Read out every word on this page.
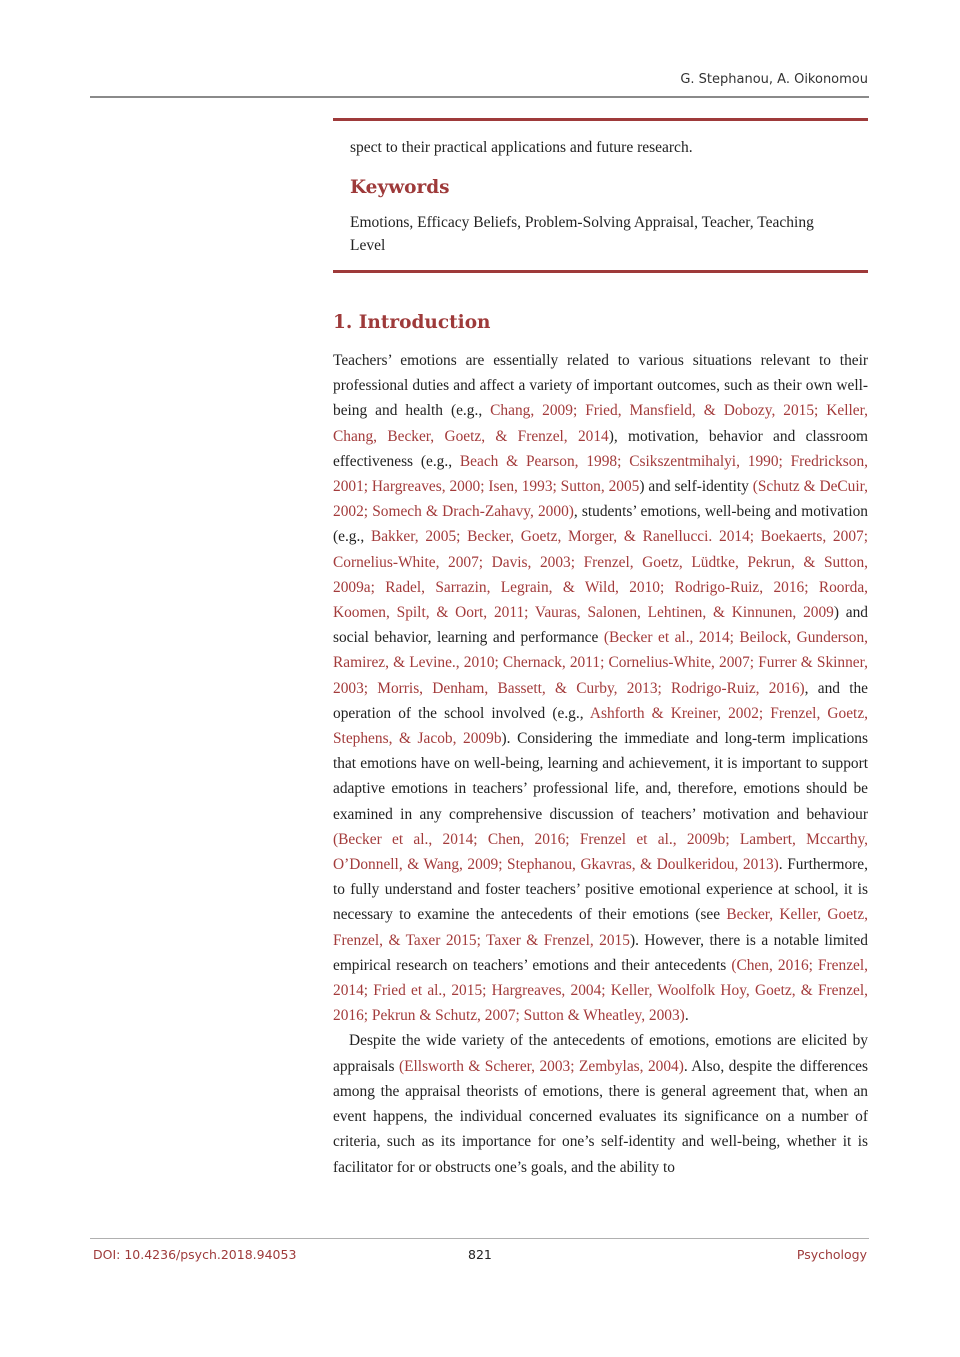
G. Stephanou, A. Oikonomou
spect to their practical applications and future research.
Keywords
Emotions, Efficacy Beliefs, Problem-Solving Appraisal, Teacher, Teaching Level
1. Introduction

Teachers’ emotions are essentially related to various situations relevant to their professional duties and affect a variety of important outcomes, such as their own well-being and health (e.g., Chang, 2009; Fried, Mansfield, & Dobozy, 2015; Keller, Chang, Becker, Goetz, & Frenzel, 2014), motivation, behavior and classroom effectiveness (e.g., Beach & Pearson, 1998; Csikszentmihalyi, 1990; Fredrickson, 2001; Hargreaves, 2000; Isen, 1993; Sutton, 2005) and self-identity (Schutz & DeCuir, 2002; Somech & Drach-Zahavy, 2000), students’ emotions, well-being and motivation (e.g., Bakker, 2005; Becker, Goetz, Morger, & Ranellucci. 2014; Boekaerts, 2007; Cornelius-White, 2007; Davis, 2003; Frenzel, Goetz, Lüdtke, Pekrun, & Sutton, 2009a; Radel, Sarrazin, Legrain, & Wild, 2010; Rodrigo-Ruiz, 2016; Roorda, Koomen, Spilt, & Oort, 2011; Vauras, Salonen, Lehtinen, & Kinnunen, 2009) and social behavior, learning and performance (Becker et al., 2014; Beilock, Gunderson, Ramirez, & Levine., 2010; Chernack, 2011; Cornelius-White, 2007; Furrer & Skinner, 2003; Morris, Denham, Bassett, & Curby, 2013; Rodrigo-Ruiz, 2016), and the operation of the school involved (e.g., Ashforth & Kreiner, 2002; Frenzel, Goetz, Stephens, & Jacob, 2009b). Considering the immediate and long-term implications that emotions have on well-being, learning and achievement, it is important to support adaptive emotions in teachers’ professional life, and, therefore, emotions should be examined in any comprehensive discussion of teachers’ motivation and behaviour (Becker et al., 2014; Chen, 2016; Frenzel et al., 2009b; Lambert, Mccarthy, O’Donnell, & Wang, 2009; Stephanou, Gkavras, & Doulkeridou, 2013). Furthermore, to fully understand and foster teachers’ positive emotional experience at school, it is necessary to examine the antecedents of their emotions (see Becker, Keller, Goetz, Frenzel, & Taxer 2015; Taxer & Frenzel, 2015). However, there is a notable limited empirical research on teachers’ emotions and their antecedents (Chen, 2016; Frenzel, 2014; Fried et al., 2015; Hargreaves, 2004; Keller, Woolfolk Hoy, Goetz, & Frenzel, 2016; Pekrun & Schutz, 2007; Sutton & Wheatley, 2003).

Despite the wide variety of the antecedents of emotions, emotions are elicited by appraisals (Ellsworth & Scherer, 2003; Zembylas, 2004). Also, despite the differences among the appraisal theorists of emotions, there is general agreement that, when an event happens, the individual concerned evaluates its significance on a number of criteria, such as its importance for one’s self-identity and well-being, whether it is facilitator for or obstructs one’s goals, and the ability to

DOI: 10.4236/psych.2018.94053	821	Psychology
